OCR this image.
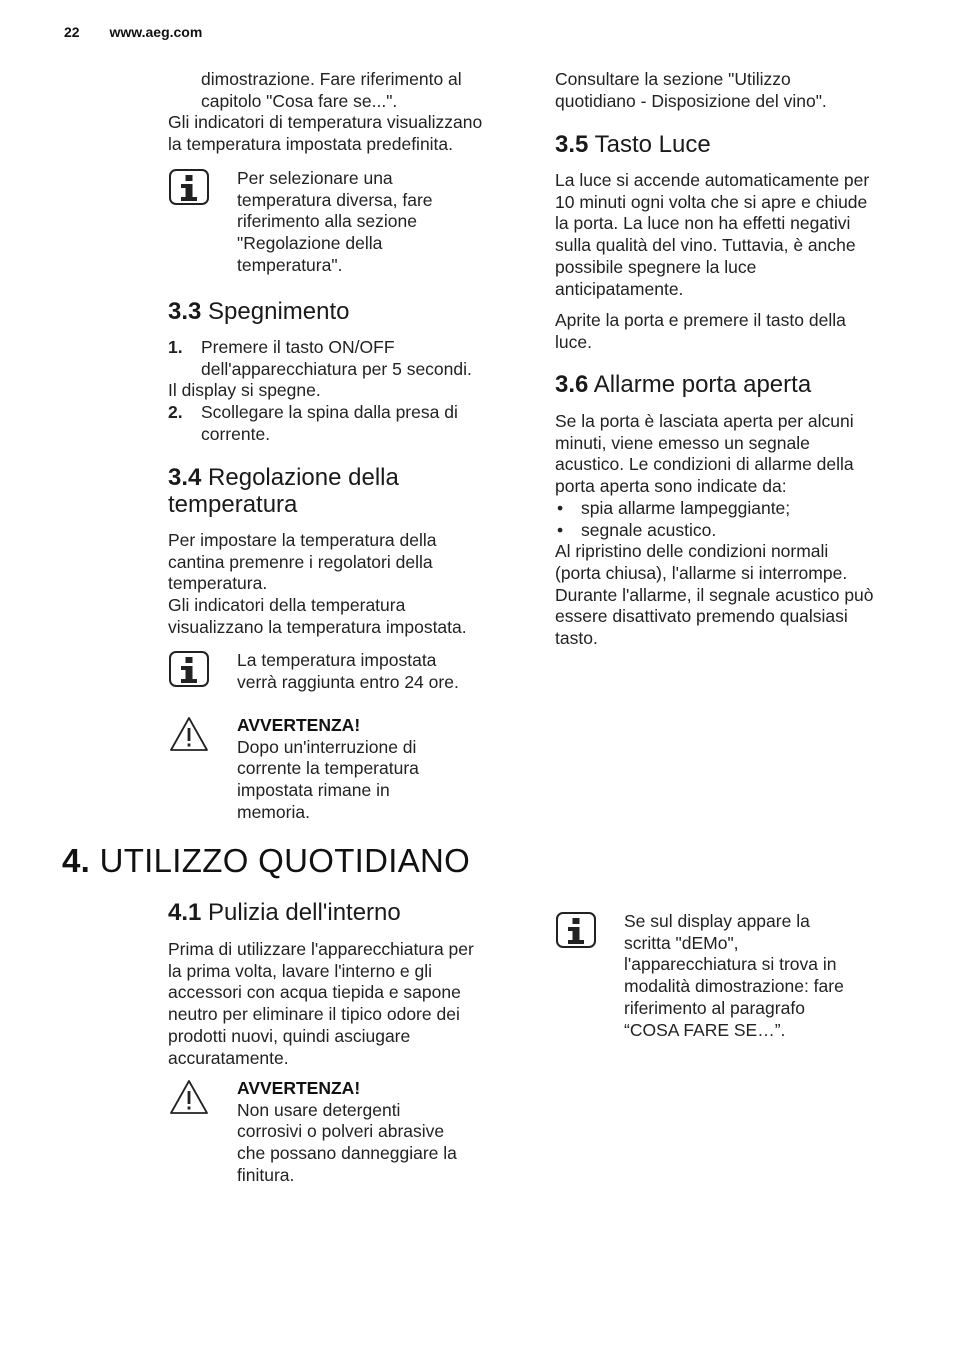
22 www.aeg.com
dimostrazione. Fare riferimento al
capitolo "Cosa fare se...".
Gli indicatori di temperatura visualizzano
la temperatura impostata predefinita.
Per selezionare una
temperatura diversa, fare
riferimento alla sezione
"Regolazione della
temperatura".
3.3 Spegnimento
1. Premere il tasto ON/OFF
dell'apparecchiatura per 5 secondi.
Il display si spegne.
2. Scollegare la spina dalla presa di
corrente.
3.4 Regolazione della
temperatura
Per impostare la temperatura della
cantina premenre i regolatori della
temperatura.
Gli indicatori della temperatura
visualizzano la temperatura impostata.
La temperatura impostata
verrà raggiunta entro 24 ore.
AVVERTENZA!
Dopo un'interruzione di
corrente la temperatura
impostata rimane in
memoria.
Consultare la sezione "Utilizzo
quotidiano - Disposizione del vino".
3.5 Tasto Luce
La luce si accende automaticamente per
10 minuti ogni volta che si apre e chiude
la porta. La luce non ha effetti negativi
sulla qualità del vino. Tuttavia, è anche
possibile spegnere la luce
anticipatamente.
Aprite la porta e premere il tasto della
luce.
3.6 Allarme porta aperta
Se la porta è lasciata aperta per alcuni
minuti, viene emesso un segnale
acustico. Le condizioni di allarme della
porta aperta sono indicate da:
• spia allarme lampeggiante;
• segnale acustico.
Al ripristino delle condizioni normali
(porta chiusa), l'allarme si interrompe.
Durante l'allarme, il segnale acustico può
essere disattivato premendo qualsiasi
tasto.
4. UTILIZZO QUOTIDIANO
4.1 Pulizia dell'interno
Prima di utilizzare l'apparecchiatura per
la prima volta, lavare l'interno e gli
accessori con acqua tiepida e sapone
neutro per eliminare il tipico odore dei
prodotti nuovi, quindi asciugare
accuratamente.
AVVERTENZA!
Non usare detergenti
corrosivi o polveri abrasive
che possano danneggiare la
finitura.
Se sul display appare la
scritta "dEMo",
l'apparecchiatura si trova in
modalità dimostrazione: fare
riferimento al paragrafo
“COSA FARE SE…”.
